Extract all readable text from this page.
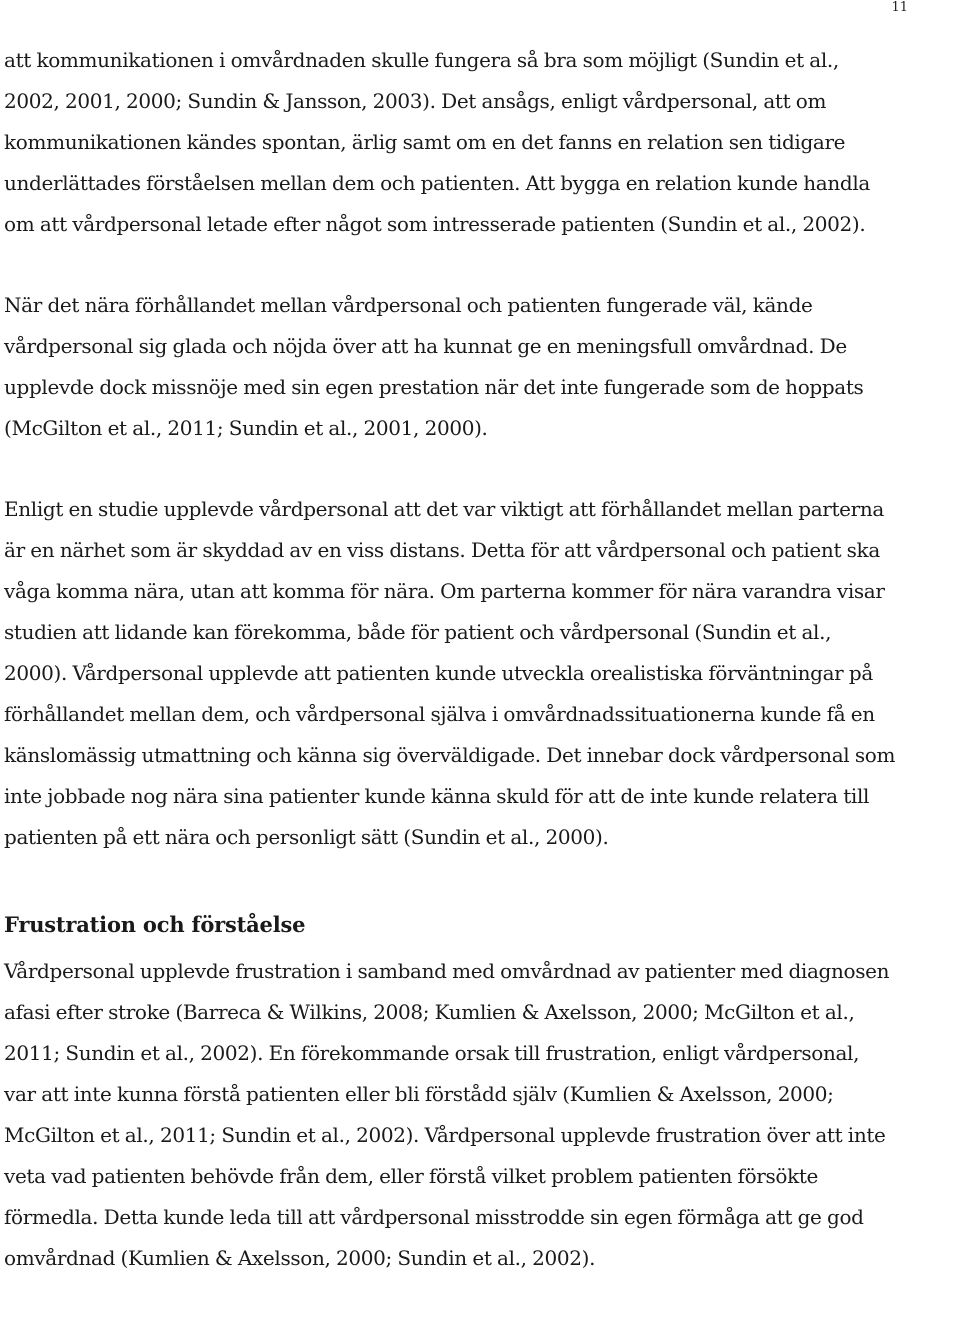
11

att kommunikationen i omvårdnaden skulle fungera så bra som möjligt (Sundin et al.,
2002, 2001, 2000; Sundin & Jansson, 2003). Det ansågs, enligt vårdpersonal, att om
kommunikationen kändes spontan, ärlig samt om en det fanns en relation sen tidigare
underlättades förståelsen mellan dem och patienten. Att bygga en relation kunde handla
om att vårdpersonal letade efter något som intresserade patienten (Sundin et al., 2002).

När det nära förhållandet mellan vårdpersonal och patienten fungerade väl, kände
vårdpersonal sig glada och nöjda över att ha kunnat ge en meningsfull omvårdnad. De
upplevde dock missnöje med sin egen prestation när det inte fungerade som de hoppats
(McGilton et al., 2011; Sundin et al., 2001, 2000).

Enligt en studie upplevde vårdpersonal att det var viktigt att förhållandet mellan parterna
är en närhet som är skyddad av en viss distans. Detta för att vårdpersonal och patient ska
våga komma nära, utan att komma för nära. Om parterna kommer för nära varandra visar
studien att lidande kan förekomma, både för patient och vårdpersonal (Sundin et al.,
2000). Vårdpersonal upplevde att patienten kunde utveckla orealistiska förväntningar på
förhållandet mellan dem, och vårdpersonal själva i omvårdnadssituationerna kunde få en
känslomässig utmattning och känna sig överväldigade. Det innebar dock vårdpersonal som
inte jobbade nog nära sina patienter kunde känna skuld för att de inte kunde relatera till
patienten på ett nära och personligt sätt (Sundin et al., 2000).

Frustration och förståelse

Vårdpersonal upplevde frustration i samband med omvårdnad av patienter med diagnosen
afasi efter stroke (Barreca & Wilkins, 2008; Kumlien & Axelsson, 2000; McGilton et al.,
2011; Sundin et al., 2002). En förekommande orsak till frustration, enligt vårdpersonal,
var att inte kunna förstå patienten eller bli förstådd själv (Kumlien & Axelsson, 2000;
McGilton et al., 2011; Sundin et al., 2002). Vårdpersonal upplevde frustration över att inte
veta vad patienten behövde från dem, eller förstå vilket problem patienten försökte
förmedla. Detta kunde leda till att vårdpersonal misstrodde sin egen förmåga att ge god
omvårdnad (Kumlien & Axelsson, 2000; Sundin et al., 2002).
